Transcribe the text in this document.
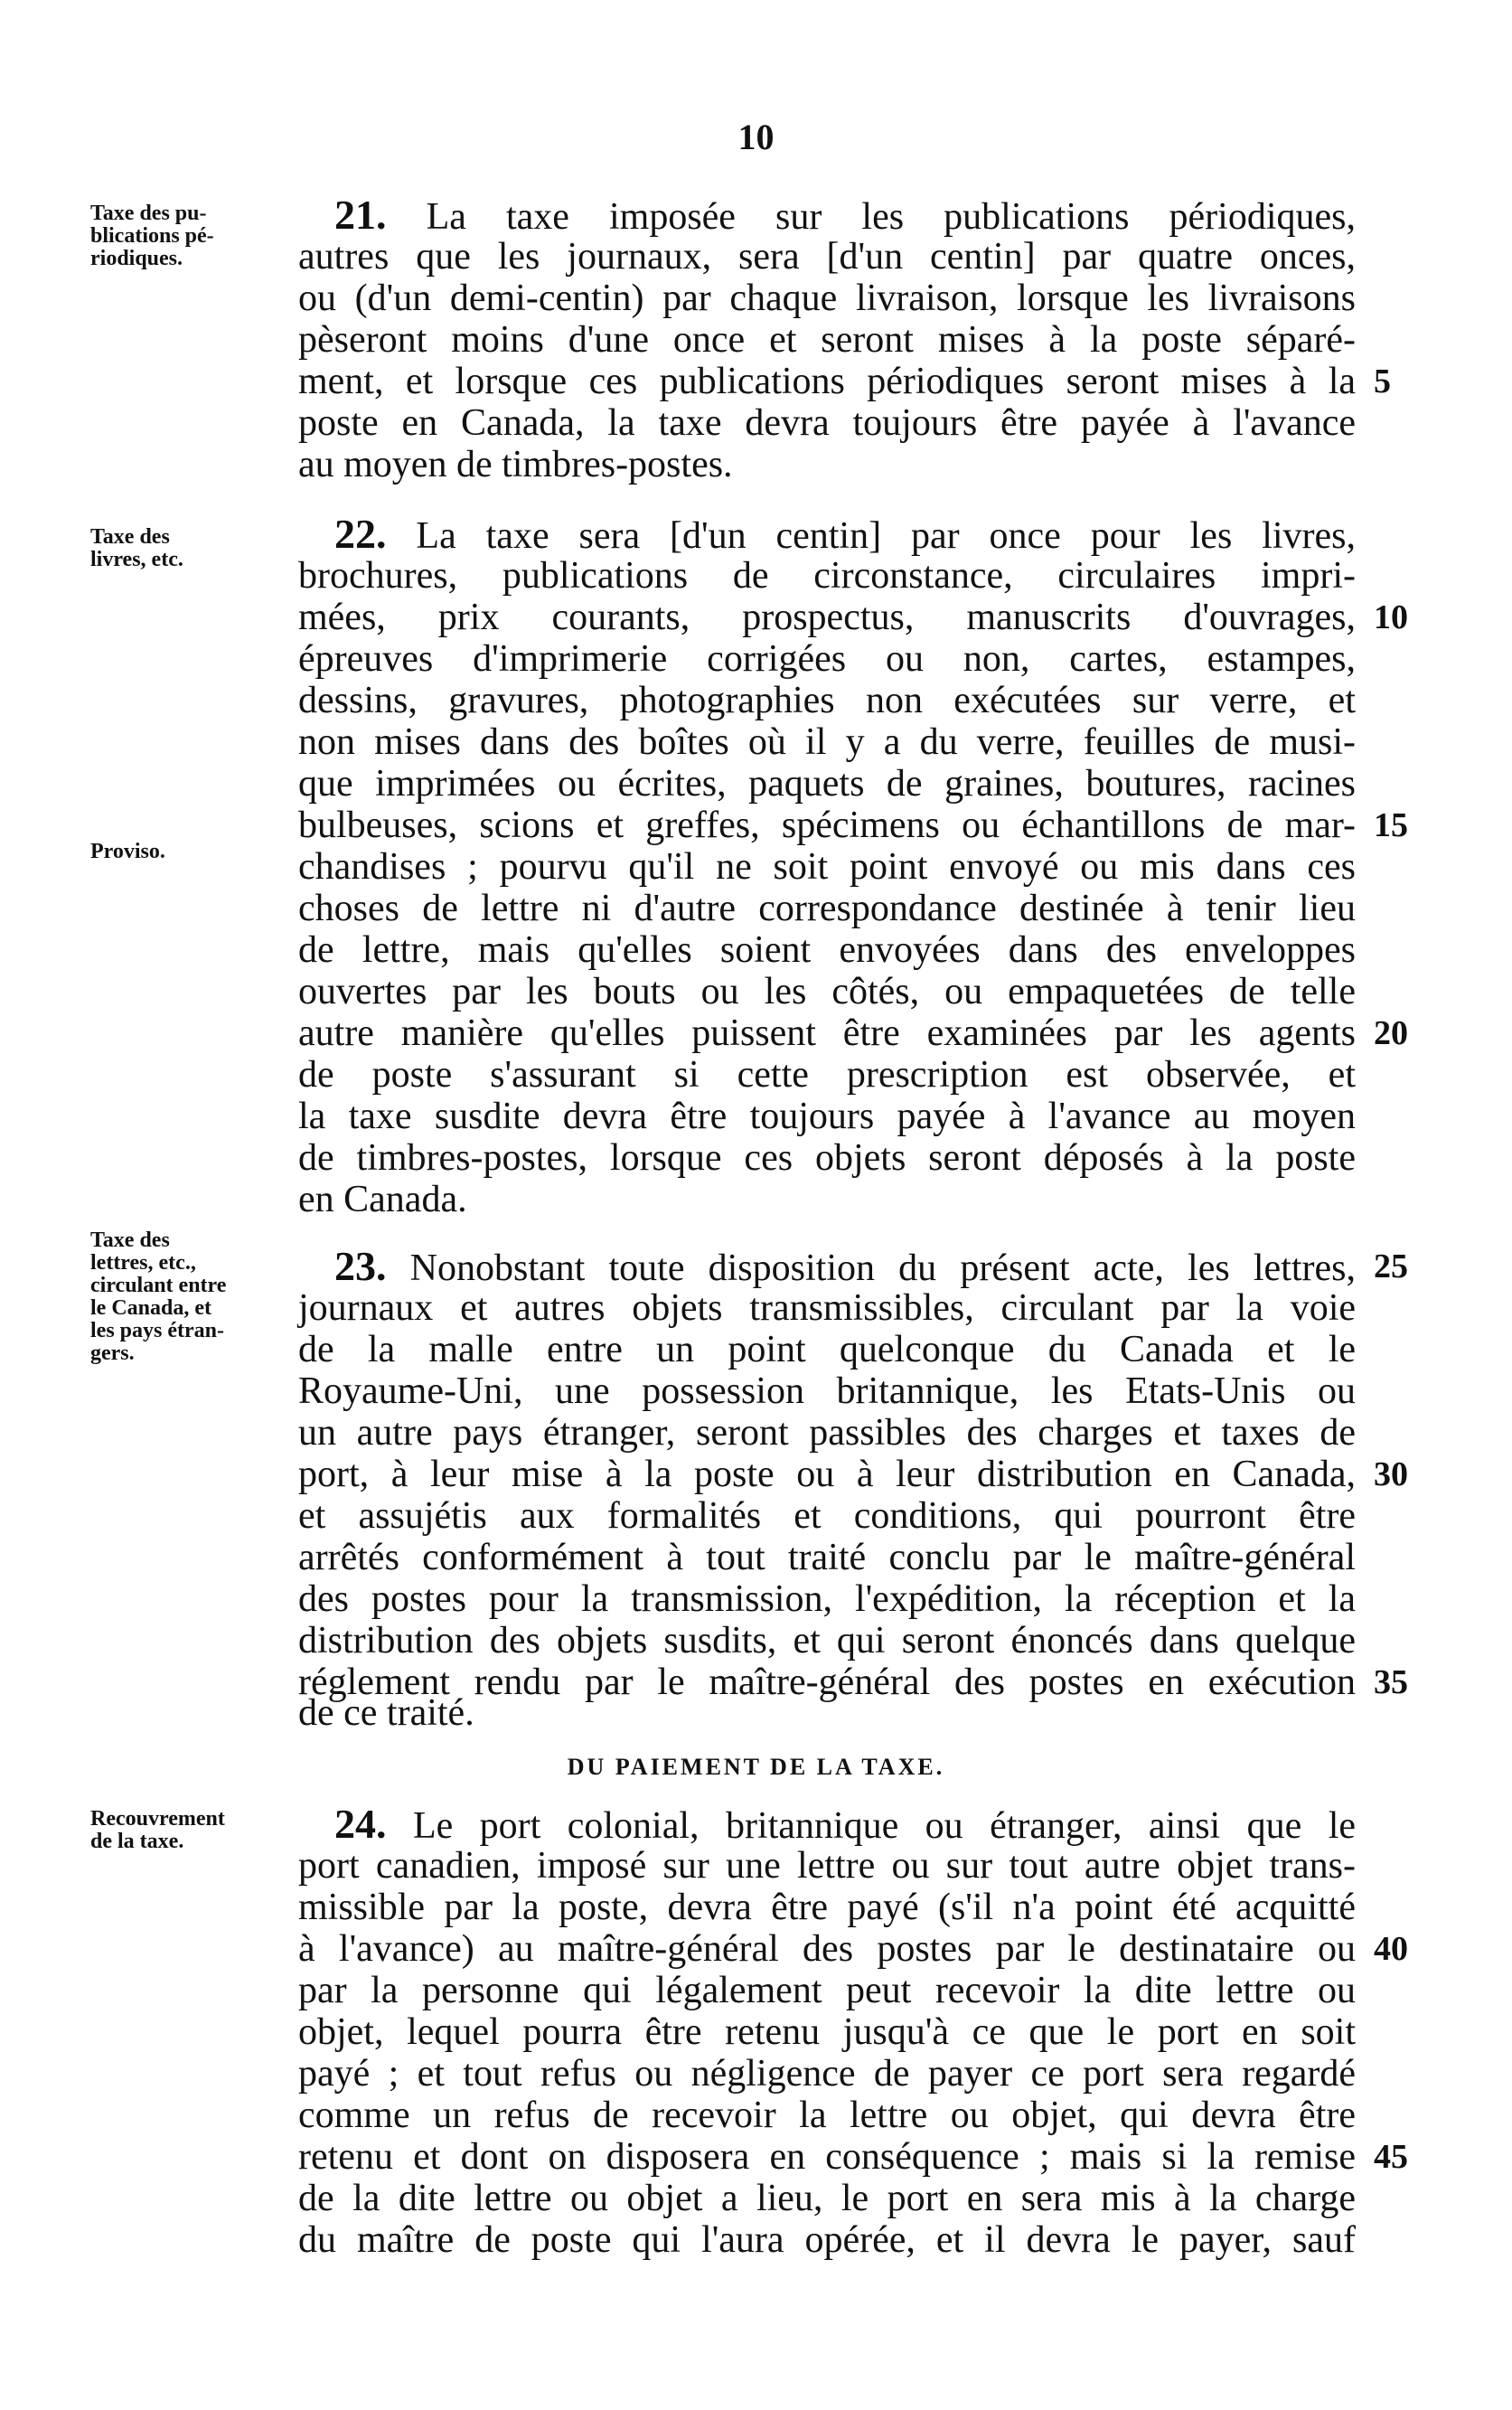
10
Taxe des pu-
blications pé-
riodiques.
Taxe des
livres, etc.
Proviso.
Taxe des
lettres, etc.,
circulant entre
le Canada, et
les pays étran-
gers.
Recouvrement
de la taxe.
21. La taxe imposée sur les publications périodiques,
autres que les journaux, sera [d'un centin] par quatre onces,
ou (d'un demi-centin) par chaque livraison, lorsque les livraisons
pèseront moins d'une once et seront mises à la poste séparé-
ment, et lorsque ces publications périodiques seront mises à la
poste en Canada, la taxe devra toujours être payée à l'avance
au moyen de timbres-postes.
22. La taxe sera [d'un centin] par once pour les livres,
brochures, publications de circonstance, circulaires impri-
mées, prix courants, prospectus, manuscrits d'ouvrages,
épreuves d'imprimerie corrigées ou non, cartes, estampes,
dessins, gravures, photographies non exécutées sur verre, et
non mises dans des boîtes où il y a du verre, feuilles de musi-
que imprimées ou écrites, paquets de graines, boutures, racines
bulbeuses, scions et greffes, spécimens ou échantillons de mar-
chandises ; pourvu qu'il ne soit point envoyé ou mis dans ces
choses de lettre ni d'autre correspondance destinée à tenir lieu
de lettre, mais qu'elles soient envoyées dans des enveloppes
ouvertes par les bouts ou les côtés, ou empaquetées de telle
autre manière qu'elles puissent être examinées par les agents
de poste s'assurant si cette prescription est observée, et
la taxe susdite devra être toujours payée à l'avance au moyen
de timbres-postes, lorsque ces objets seront déposés à la poste
en Canada.
23. Nonobstant toute disposition du présent acte, les lettres,
journaux et autres objets transmissibles, circulant par la voie
de la malle entre un point quelconque du Canada et le
Royaume-Uni, une possession britannique, les Etats-Unis ou
un autre pays étranger, seront passibles des charges et taxes de
port, à leur mise à la poste ou à leur distribution en Canada,
et assujétis aux formalités et conditions, qui pourront être
arrêtés conformément à tout traité conclu par le maître-général
des postes pour la transmission, l'expédition, la réception et la
distribution des objets susdits, et qui seront énoncés dans quelque
réglement rendu par le maître-général des postes en exécution
de ce traité.
DU PAIEMENT DE LA TAXE.
24. Le port colonial, britannique ou étranger, ainsi que le
port canadien, imposé sur une lettre ou sur tout autre objet trans-
missible par la poste, devra être payé (s'il n'a point été acquitté
à l'avance) au maître-général des postes par le destinataire ou
par la personne qui légalement peut recevoir la dite lettre ou
objet, lequel pourra être retenu jusqu'à ce que le port en soit
payé ; et tout refus ou négligence de payer ce port sera regardé
comme un refus de recevoir la lettre ou objet, qui devra être
retenu et dont on disposera en conséquence ; mais si la remise
de la dite lettre ou objet a lieu, le port en sera mis à la charge
du maître de poste qui l'aura opérée, et il devra le payer, sauf
5
10
15
20
25
30
35
40
45
